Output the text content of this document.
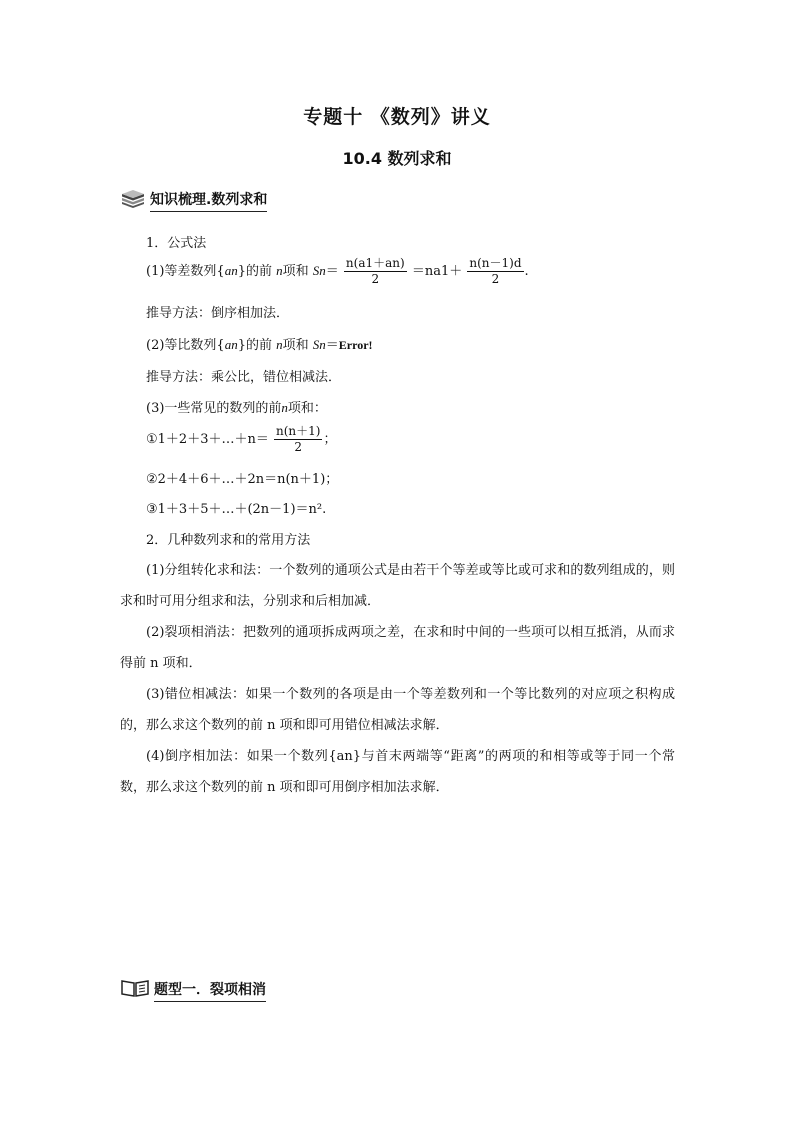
专题十 《数列》讲义
10.4 数列求和
知识梳理.数列求和
1．公式法
(1)等差数列{an}的前 n项和 $Sn= \frac{n(a1+an)}{2} =na1+ \frac{n(n-1)d}{2}$ .
推导方法：倒序相加法．
(2)等比数列{an}的前 n项和 Sn＝Error!
推导方法：乘公比，错位相减法．
(3)一些常见的数列的前n项和：
①1＋2＋3＋…＋n＝ $\frac{n(n+1)}{2}$ ；
②2＋4＋6＋…＋2n＝n(n＋1)；
③1＋3＋5＋…＋(2n－1)＝n².
2．几种数列求和的常用方法
(1)分组转化求和法：一个数列的通项公式是由若干个等差或等比或可求和的数列组成的，则求和时可用分组求和法，分别求和后相加减．
(2)裂项相消法：把数列的通项拆成两项之差，在求和时中间的一些项可以相互抵消，从而求得前 n 项和．
(3)错位相减法：如果一个数列的各项是由一个等差数列和一个等比数列的对应项之积构成的，那么求这个数列的前 n 项和即可用错位相减法求解．
(4)倒序相加法：如果一个数列{an}与首末两端等“距离”的两项的和相等或等于同一个常数，那么求这个数列的前 n 项和即可用倒序相加法求解．
题型一．裂项相消
